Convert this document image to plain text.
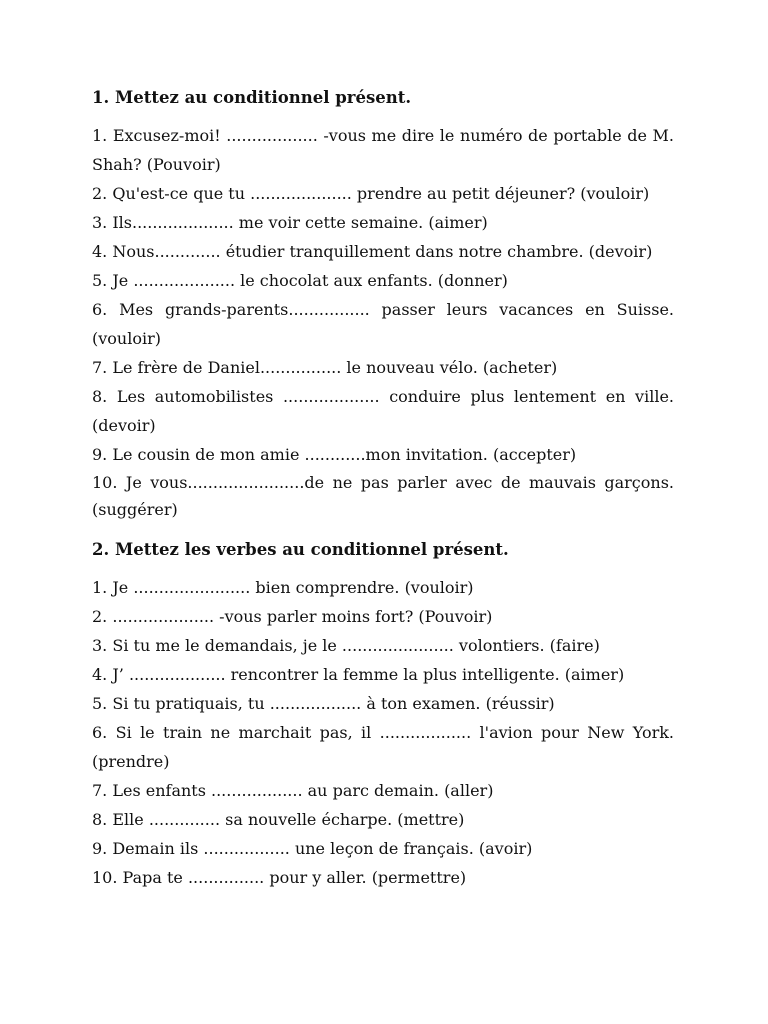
1. Mettez au conditionnel présent.
1. Excusez-moi! .................. -vous me dire le numéro de portable de M. Shah? (Pouvoir)
2. Qu'est-ce que tu .................... prendre au petit déjeuner? (vouloir)
3. Ils.................... me voir cette semaine. (aimer)
4. Nous............. étudier tranquillement dans notre chambre. (devoir)
5. Je .................... le chocolat aux enfants. (donner)
6. Mes grands-parents................ passer leurs vacances en Suisse. (vouloir)
7. Le frère de Daniel................ le nouveau vélo. (acheter)
8. Les automobilistes ................... conduire plus lentement en ville. (devoir)
9. Le cousin de mon amie ............mon invitation. (accepter)
10. Je vous.......................de ne pas parler avec de mauvais garçons. (suggérer)
2. Mettez les verbes au conditionnel présent.
1. Je ....................... bien comprendre. (vouloir)
2. .................... -vous parler moins fort? (Pouvoir)
3. Si tu me le demandais, je le ...................... volontiers. (faire)
4. J’ ................... rencontrer la femme la plus intelligente. (aimer)
5. Si tu pratiquais, tu .................. à ton examen. (réussir)
6. Si le train ne marchait pas, il .................. l'avion pour New York. (prendre)
7. Les enfants .................. au parc demain. (aller)
8. Elle .............. sa nouvelle écharpe. (mettre)
9. Demain ils ................. une leçon de français. (avoir)
10. Papa te ............... pour y aller. (permettre)
